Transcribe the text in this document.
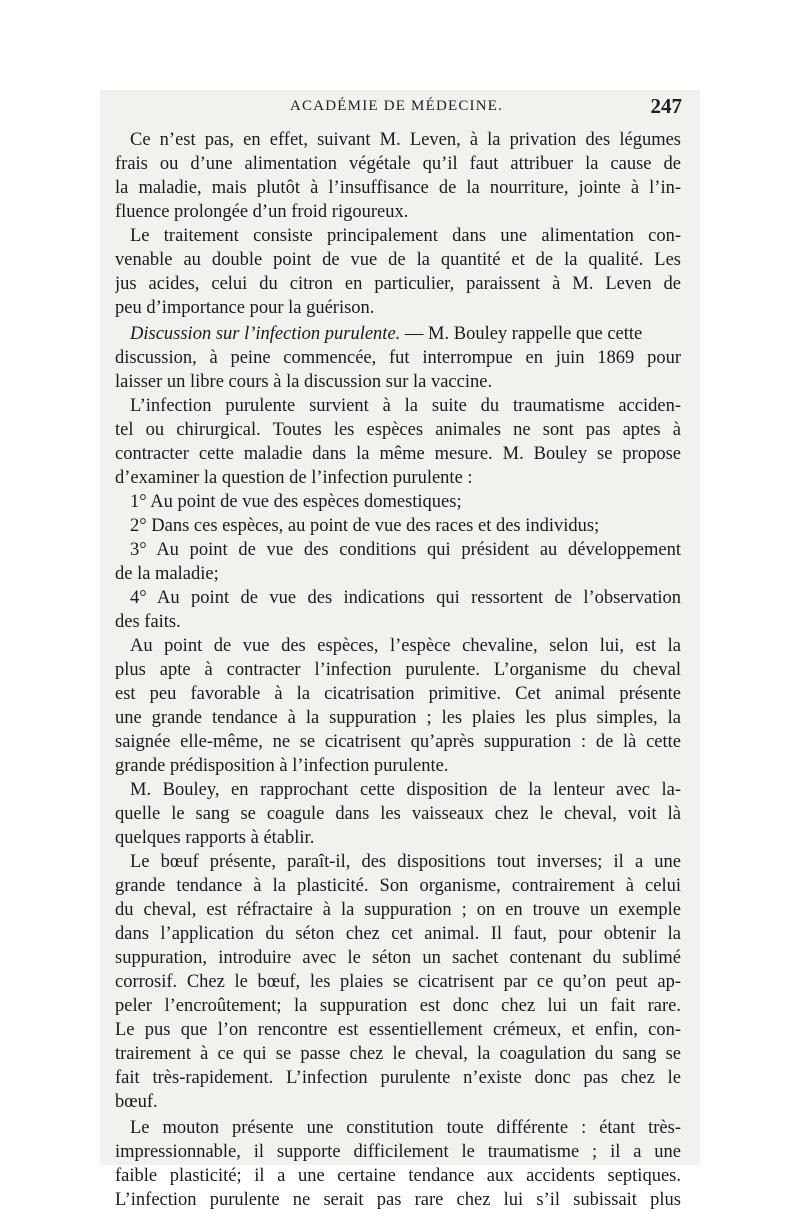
ACADÉMIE DE MÉDECINE.	247
Ce n’est pas, en effet, suivant M. Leven, à la privation des légumes
frais ou d’une alimentation végétale qu’il faut attribuer la cause de
la maladie, mais plutôt à l’insuffisance de la nourriture, jointe à l’in-
fluence prolongée d’un froid rigoureux.
Le traitement consiste principalement dans une alimentation con-
venable au double point de vue de la quantité et de la qualité. Les
jus acides, celui du citron en particulier, paraissent à M. Leven de
peu d’importance pour la guérison.
Discussion sur l’infection purulente. — M. Bouley rappelle que cette
discussion, à peine commencée, fut interrompue en juin 1869 pour
laisser un libre cours à la discussion sur la vaccine.
L’infection purulente survient à la suite du traumatisme acciden-
tel ou chirurgical. Toutes les espèces animales ne sont pas aptes à
contracter cette maladie dans la même mesure. M. Bouley se propose
d’examiner la question de l’infection purulente :
1° Au point de vue des espèces domestiques;
2° Dans ces espèces, au point de vue des races et des individus;
3° Au point de vue des conditions qui président au développement
de la maladie;
4° Au point de vue des indications qui ressortent de l’observation
des faits.
Au point de vue des espèces, l’espèce chevaline, selon lui, est la
plus apte à contracter l’infection purulente. L’organisme du cheval
est peu favorable à la cicatrisation primitive. Cet animal présente
une grande tendance à la suppuration ; les plaies les plus simples, la
saignée elle-même, ne se cicatrisent qu’après suppuration : de là cette
grande prédisposition à l’infection purulente.
M. Bouley, en rapprochant cette disposition de la lenteur avec la-
quelle le sang se coagule dans les vaisseaux chez le cheval, voit là
quelques rapports à établir.
Le bœuf présente, paraît-il, des dispositions tout inverses; il a une
grande tendance à la plasticité. Son organisme, contrairement à celui
du cheval, est réfractaire à la suppuration ; on en trouve un exemple
dans l’application du séton chez cet animal. Il faut, pour obtenir la
suppuration, introduire avec le séton un sachet contenant du sublimé
corrosif. Chez le bœuf, les plaies se cicatrisent par ce qu’on peut ap-
peler l’encroûtement; la suppuration est donc chez lui un fait rare.
Le pus que l’on rencontre est essentiellement crémeux, et enfin, con-
trairement à ce qui se passe chez le cheval, la coagulation du sang se
fait très-rapidement. L’infection purulente n’existe donc pas chez le
bœuf.
Le mouton présente une constitution toute différente : étant très-
impressionnable, il supporte difficilement le traumatisme ; il a une
faible plasticité; il a une certaine tendance aux accidents septiques.
L’infection purulente ne serait pas rare chez lui s’il subissait plus
